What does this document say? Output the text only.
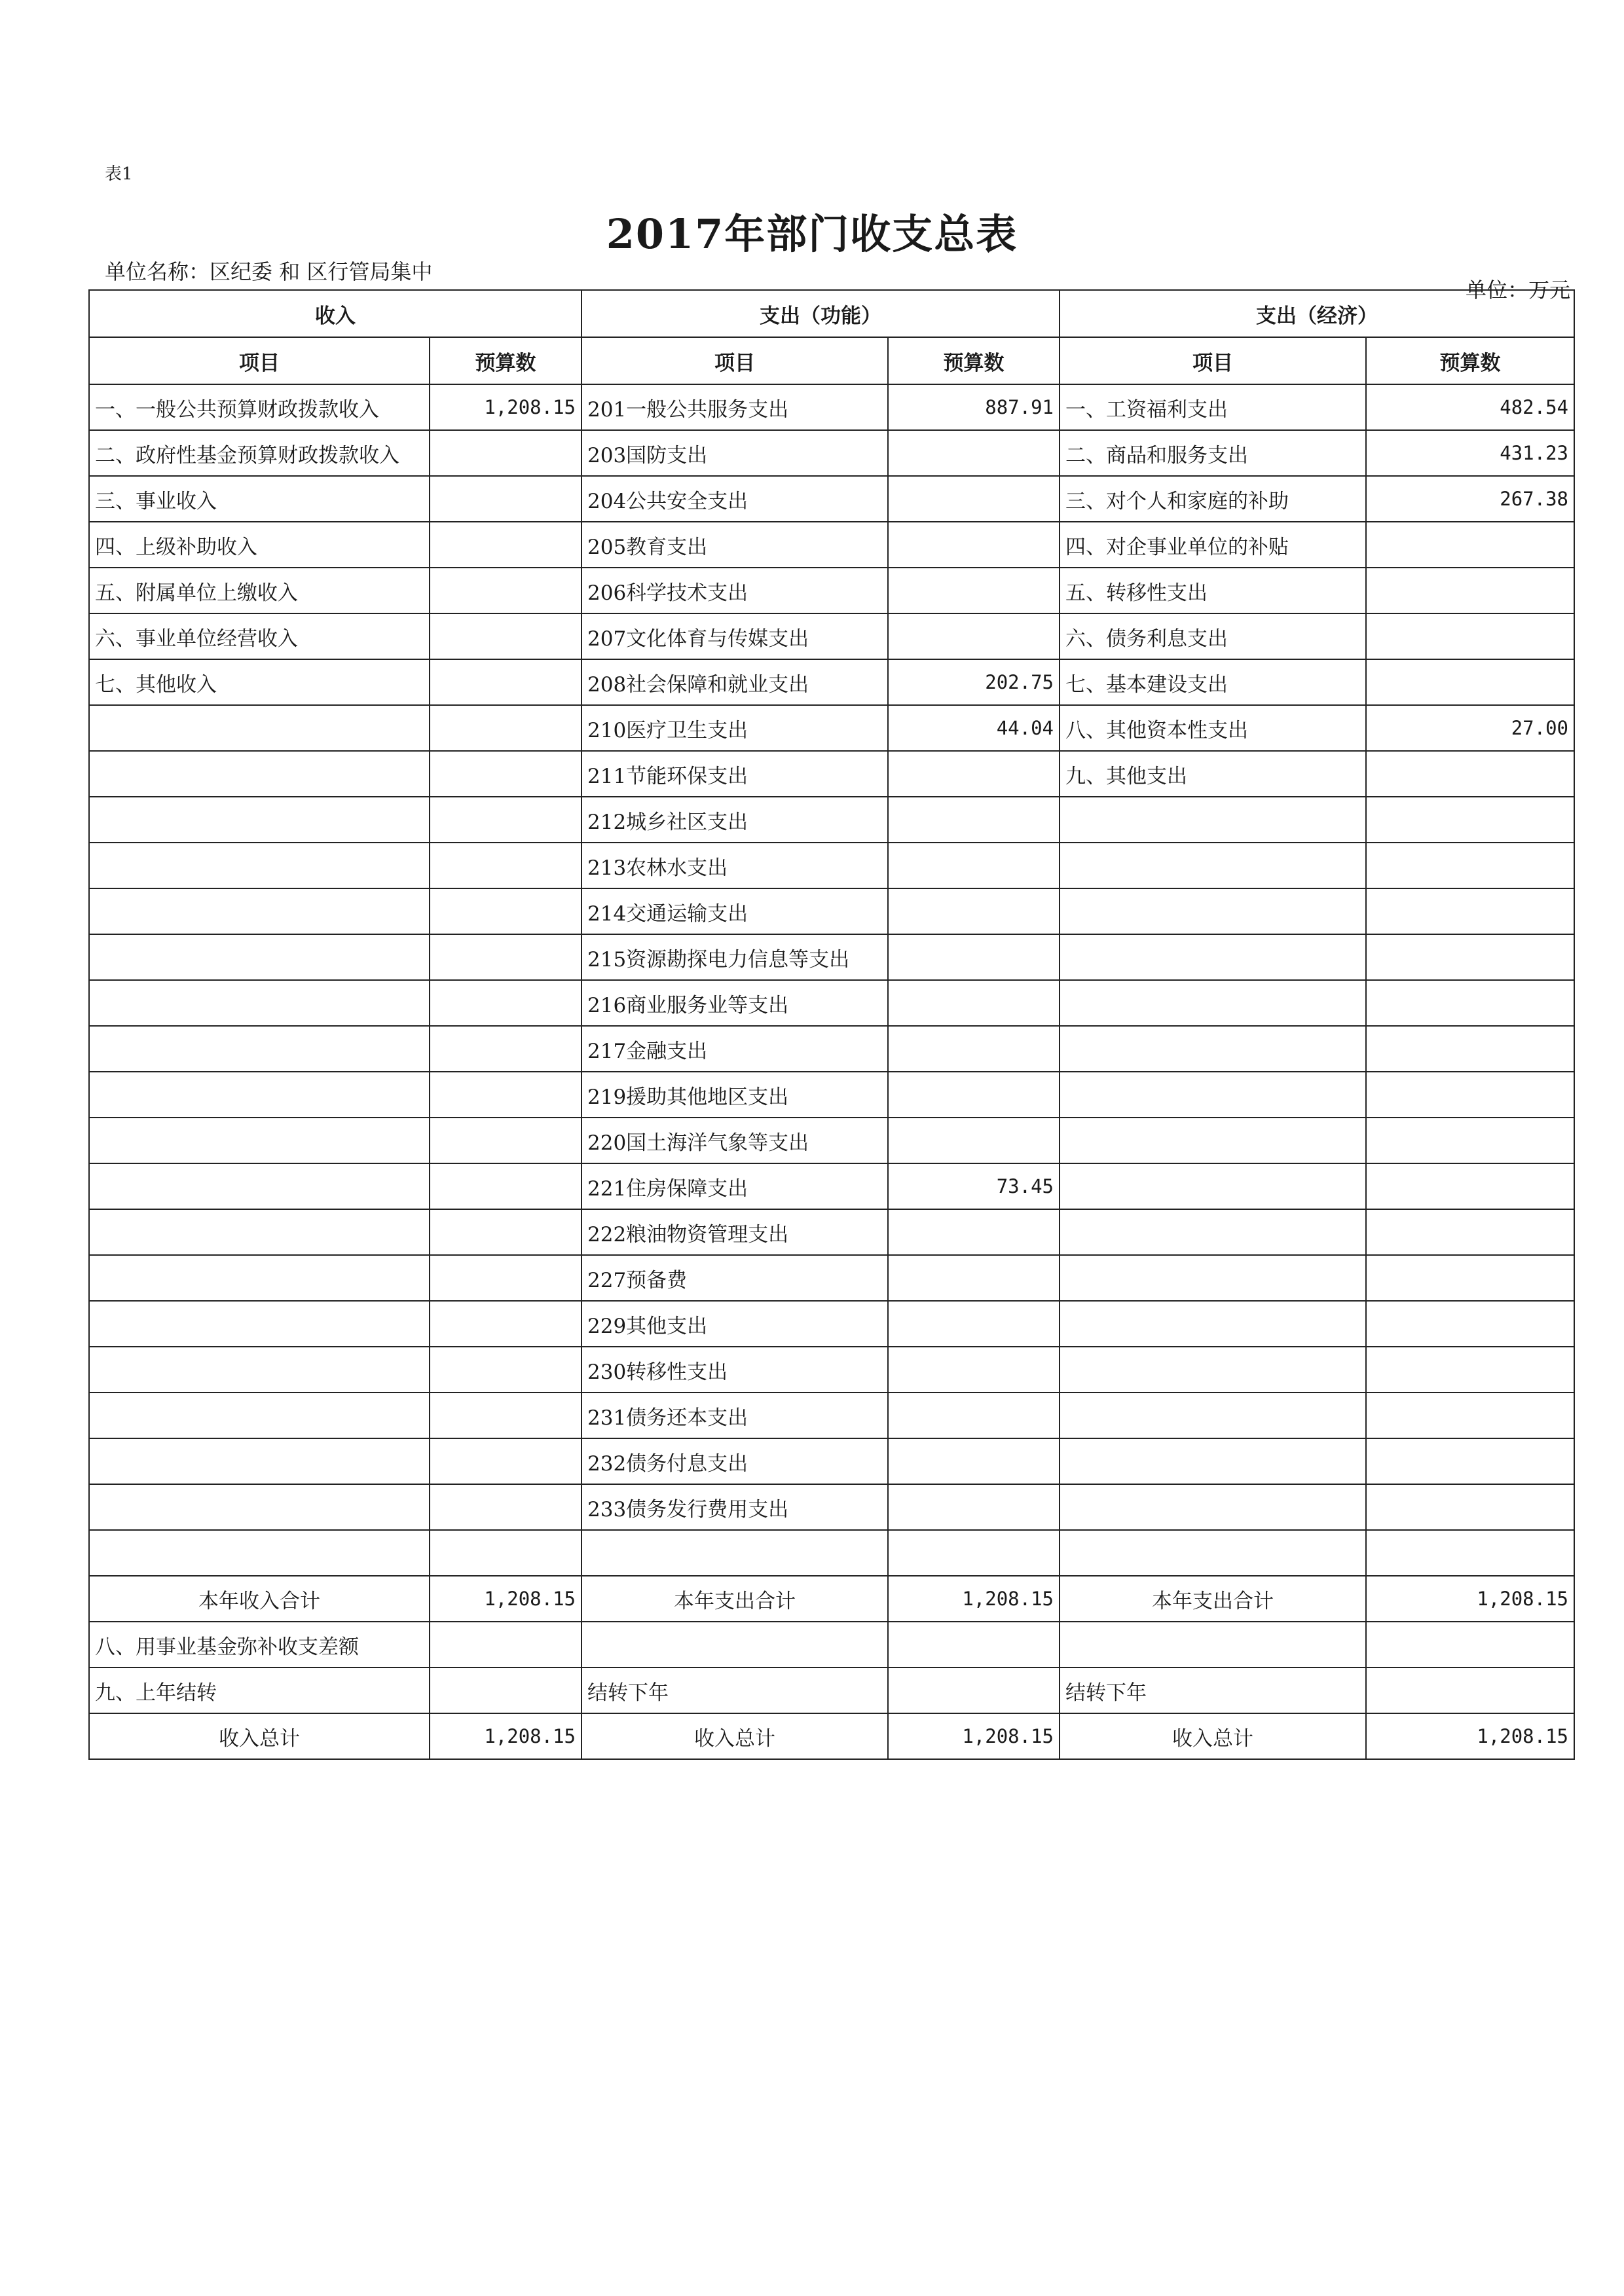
表1
2017年部门收支总表
单位名称：区纪委 和 区行管局集中
单位：万元
收入		支出（功能）		支出（经济）	
项目	预算数	项目	预算数	项目	预算数
一、一般公共预算财政拨款收入	1,208.15	201一般公共服务支出	887.91	一、工资福利支出	482.54
二、政府性基金预算财政拨款收入		203国防支出		二、商品和服务支出	431.23
三、事业收入		204公共安全支出		三、对个人和家庭的补助	267.38
四、上级补助收入		205教育支出		四、对企事业单位的补贴	
五、附属单位上缴收入		206科学技术支出		五、转移性支出	
六、事业单位经营收入		207文化体育与传媒支出		六、债务利息支出	
七、其他收入		208社会保障和就业支出	202.75	七、基本建设支出	
		210医疗卫生支出	44.04	八、其他资本性支出	27.00
		211节能环保支出		九、其他支出	
		212城乡社区支出			
		213农林水支出			
		214交通运输支出			
		215资源勘探电力信息等支出			
		216商业服务业等支出			
		217金融支出			
		219援助其他地区支出			
		220国土海洋气象等支出			
		221住房保障支出	73.45		
		222粮油物资管理支出			
		227预备费			
		229其他支出			
		230转移性支出			
		231债务还本支出			
		232债务付息支出			
		233债务发行费用支出			

本年收入合计	1,208.15	本年支出合计	1,208.15	本年支出合计	1,208.15
八、用事业基金弥补收支差额					
九、上年结转		结转下年		结转下年	
收入总计	1,208.15	收入总计	1,208.15	收入总计	1,208.15
